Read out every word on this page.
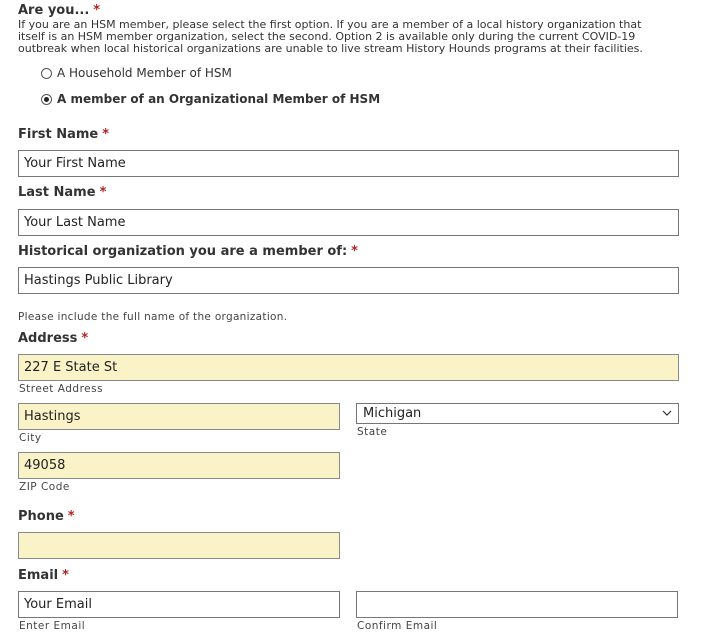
Are you... *
If you are an HSM member, please select the first option. If you are a member of a local history organization that itself is an HSM member organization, select the second. Option 2 is available only during the current COVID-19 outbreak when local historical organizations are unable to live stream History Hounds programs at their facilities.
A Household Member of HSM
A member of an Organizational Member of HSM
First Name *
Your First Name
Last Name *
Your Last Name
Historical organization you are a member of: *
Hastings Public Library
Please include the full name of the organization.
Address *
227 E State St
Street Address
Hastings
City
Michigan
State
49058
ZIP Code
Phone *
Email *
Your Email
Enter Email	Confirm Email
